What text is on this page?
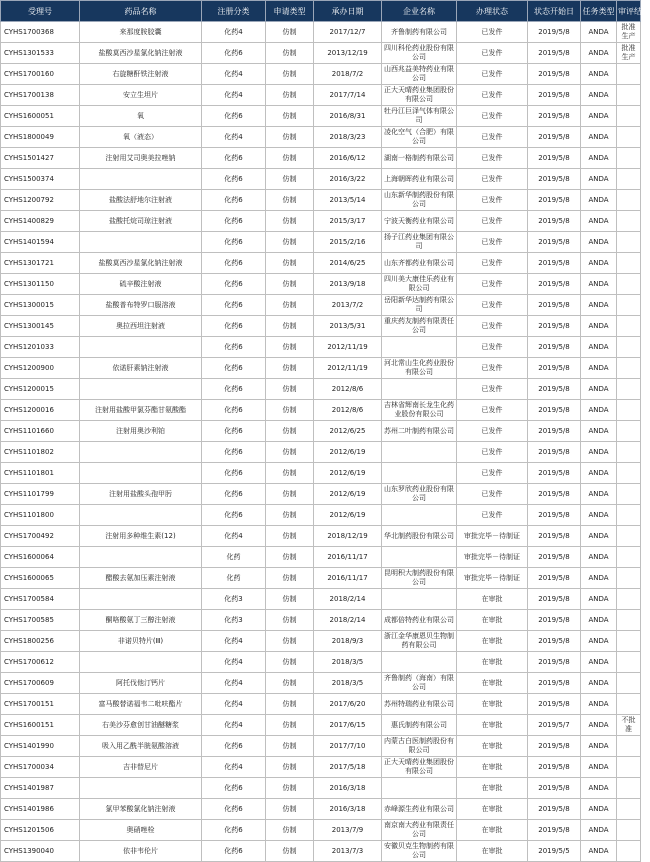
受理号	药品名称	注册分类	申请类型	承办日期	企业名称	办理状态	状态开始日	任务类型	审评结论
CYHS1700368	来那度胺胶囊	化药4	仿制	2017/12/7	齐鲁制药有限公司	已发件	2019/5/8	ANDA	批准生产
CYHS1301533	盐酸莫西沙星氯化钠注射液	化药6	仿制	2013/12/19	四川科伦药业股份有限公司	已发件	2019/5/8	ANDA	批准生产
CYHS1700160	右旋糖酐铁注射液	化药4	仿制	2018/7/2	山西兆益美特药业有限公司	已发件	2019/5/8	ANDA	
CYHS1700138	安立生坦片	化药4	仿制	2017/7/14	正大天晴药业集团股份有限公司	已发件	2019/5/8	ANDA	
CYHS1600051	氧	化药6	仿制	2016/8/31	牡丹江巨泽气体有限公司	已发件	2019/5/8	ANDA	
CYHS1800049	氧（液态）	化药4	仿制	2018/3/23	凌化空气（合肥）有限公司	已发件	2019/5/8	ANDA	
CYHS1501427	注射用艾司奥美拉唑钠	化药6	仿制	2016/6/12	湖南一格制药有限公司	已发件	2019/5/8	ANDA	
CYHS1500374		化药6	仿制	2016/3/22	上海朝晖药业有限公司	已发件	2019/5/8	ANDA	
CYHS1200792	盐酸法舒地尔注射液	化药6	仿制	2013/5/14	山东新华制药股份有限公司	已发件	2019/5/8	ANDA	
CYHS1400829	盐酸托烷司琼注射液	化药6	仿制	2015/3/17	宁波天衡药业有限公司	已发件	2019/5/8	ANDA	
CYHS1401594		化药6	仿制	2015/2/16	扬子江药业集团有限公司	已发件	2019/5/8	ANDA	
CYHS1301721	盐酸莫西沙星氯化钠注射液	化药6	仿制	2014/6/25	山东齐都药业有限公司	已发件	2019/5/8	ANDA	
CYHS1301150	硫辛酸注射液	化药6	仿制	2013/9/18	四川美大康佳乐药业有限公司	已发件	2019/5/8	ANDA	
CYHS1300015	盐酸普布特罗口服溶液	化药6	仿制	2013/7/2	岳阳新华达制药有限公司	已发件	2019/5/8	ANDA	
CYHS1300145	奥拉西坦注射液	化药6	仿制	2013/5/31	重庆药友制药有限责任公司	已发件	2019/5/8	ANDA	
CYHS1201033		化药6	仿制	2012/11/19		已发件	2019/5/8	ANDA	
CYHS1200900	依诺肝素钠注射液	化药6	仿制	2012/11/19	河北常山生化药业股份有限公司	已发件	2019/5/8	ANDA	
CYHS1200015		化药6	仿制	2012/8/6		已发件	2019/5/8	ANDA	
CYHS1200016	注射用盐酸甲氯芬酯甘氨酸酯	化药6	仿制	2012/8/6	吉林省辉南长龙生化药业股份有限公司	已发件	2019/5/8	ANDA	
CYHS1101660	注射用奥沙利铂	化药6	仿制	2012/6/25	苏州二叶制药有限公司	已发件	2019/5/8	ANDA	
CYHS1101802		化药6	仿制	2012/6/19		已发件	2019/5/8	ANDA	
CYHS1101801		化药6	仿制	2012/6/19		已发件	2019/5/8	ANDA	
CYHS1101799	注射用盐酸头孢甲肟	化药6	仿制	2012/6/19	山东罗欣药业股份有限公司	已发件	2019/5/8	ANDA	
CYHS1101800		化药6	仿制	2012/6/19		已发件	2019/5/8	ANDA	
CYHS1700492	注射用多种维生素(12)	化药4	仿制	2018/12/19	华北制药股份有限公司	审批完毕－待制证	2019/5/8	ANDA	
CYHS1600064		化药	仿制	2016/11/17		审批完毕－待制证	2019/5/8	ANDA	
CYHS1600065	醋酸去氨加压素注射液	化药	仿制	2016/11/17	昆明积大制药股份有限公司	审批完毕－待制证	2019/5/8	ANDA	
CYHS1700584		化药3	仿制	2018/2/14		在审批	2019/5/8	ANDA	
CYHS1700585	酮咯酸氨丁三醇注射液	化药3	仿制	2018/2/14	成都倍特药业有限公司	在审批	2019/5/8	ANDA	
CYHS1800256	非诺贝特片(Ⅲ)	化药4	仿制	2018/9/3	浙江金华康恩贝生物制药有限公司	在审批	2019/5/8	ANDA	
CYHS1700612		化药4	仿制	2018/3/5		在审批	2019/5/8	ANDA	
CYHS1700609	阿托伐他汀钙片	化药4	仿制	2018/3/5	齐鲁制药（海南）有限公司	在审批	2019/5/8	ANDA	
CYHS1700151	富马酸替诺福韦二吡呋酯片	化药4	仿制	2017/6/20	苏州特瑞药业有限公司	在审批	2019/5/8	ANDA	
CYHS1600151	右美沙芬愈创甘油醚糖浆	化药4	仿制	2017/6/15	惠氏制药有限公司	在审批	2019/5/7	ANDA	不批准
CYHS1401990	吸入用乙酰半胱氨酸溶液	化药6	仿制	2017/7/10	内蒙古白医制药股份有限公司	在审批	2019/5/8	ANDA	
CYHS1700034	吉非替尼片	化药4	仿制	2017/5/18	正大天晴药业集团股份有限公司	在审批	2019/5/8	ANDA	
CYHS1401987		化药6	仿制	2016/3/18		在审批	2019/5/8	ANDA	
CYHS1401986	氯甲苯酸氯化钠注射液	化药6	仿制	2016/3/18	赤峰源生药业有限公司	在审批	2019/5/8	ANDA	
CYHS1201506	奥硝唑栓	化药6	仿制	2013/7/9	南京南大药业有限责任公司	在审批	2019/5/8	ANDA	
CYHS1390040	依非韦伦片	化药6	仿制	2013/7/3	安徽贝克生物制药有限公司	在审批	2019/5/5	ANDA	
